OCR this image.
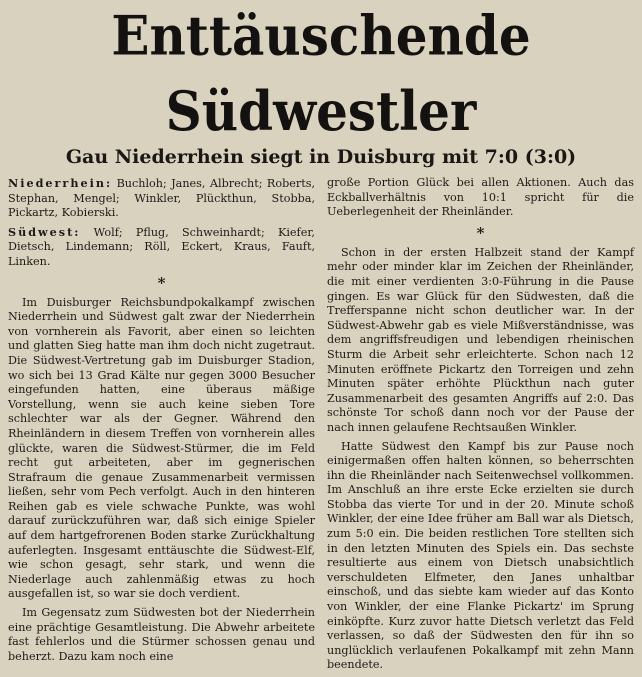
Enttäuschende Südwestler
Gau Niederrhein siegt in Duisburg mit 7:0 (3:0)

Niederrhein: Buchloh; Janes, Albrecht; Roberts, Stephan, Mengel; Winkler, Plückthun, Stobba, Pickartz, Kobierski.

Südwest: Wolf; Pflug, Schweinhardt; Kiefer, Dietsch, Lindemann; Röll, Eckert, Kraus, Fauft, Linken.

*

Im Duisburger Reichsbundpokalkampf zwischen Niederrhein und Südwest galt zwar der Niederrhein von vornherein als Favorit, aber einen so leichten und glatten Sieg hatte man ihm doch nicht zugetraut. Die Südwest-Vertretung gab im Duisburger Stadion, wo sich bei 13 Grad Kälte nur gegen 3000 Besucher eingefunden hatten, eine überaus mäßige Vorstellung, wenn sie auch keine sieben Tore schlechter war als der Gegner. Während den Rheinländern in diesem Treffen von vornherein alles glückte, waren die Südwest-Stürmer, die im Feld recht gut arbeiteten, aber im gegnerischen Strafraum die genaue Zusammenarbeit vermissen ließen, sehr vom Pech verfolgt. Auch in den hinteren Reihen gab es viele schwache Punkte, was wohl darauf zurückzuführen war, daß sich einige Spieler auf dem hartgefrorenen Boden starke Zurückhaltung auferlegten. Insgesamt enttäuschte die Südwest-Elf, wie schon gesagt, sehr stark, und wenn die Niederlage auch zahlenmäßig etwas zu hoch ausgefallen ist, so war sie doch verdient.

Im Gegensatz zum Südwesten bot der Niederrhein eine prächtige Gesamtleistung. Die Abwehr arbeitete fast fehlerlos und die Stürmer schossen genau und beherzt. Dazu kam noch eine

große Portion Glück bei allen Aktionen. Auch das Eckballverhältnis von 10:1 spricht für die Ueberlegenheit der Rheinländer.

*

Schon in der ersten Halbzeit stand der Kampf mehr oder minder klar im Zeichen der Rheinländer, die mit einer verdienten 3:0-Führung in die Pause gingen. Es war Glück für den Südwesten, daß die Trefferspanne nicht schon deutlicher war. In der Südwest-Abwehr gab es viele Mißverständnisse, was dem angriffsfreudigen und lebendigen rheinischen Sturm die Arbeit sehr erleichterte. Schon nach 12 Minuten eröffnete Pickartz den Torreigen und zehn Minuten später erhöhte Plückthun nach guter Zusammenarbeit des gesamten Angriffs auf 2:0. Das schönste Tor schoß dann noch vor der Pause der nach innen gelaufene Rechtsaußen Winkler.

Hatte Südwest den Kampf bis zur Pause noch einigermaßen offen halten können, so beherrschten ihn die Rheinländer nach Seitenwechsel vollkommen. Im Anschluß an ihre erste Ecke erzielten sie durch Stobba das vierte Tor und in der 20. Minute schoß Winkler, der eine Idee früher am Ball war als Dietsch, zum 5:0 ein. Die beiden restlichen Tore stellten sich in den letzten Minuten des Spiels ein. Das sechste resultierte aus einem von Dietsch unabsichtlich verschuldeten Elfmeter, den Janes unhaltbar einschoß, und das siebte kam wieder auf das Konto von Winkler, der eine Flanke Pickartz' im Sprung einköpfte. Kurz zuvor hatte Dietsch verletzt das Feld verlassen, so daß der Südwesten den für ihn so unglücklich verlaufenen Pokalkampf mit zehn Mann beendete.
